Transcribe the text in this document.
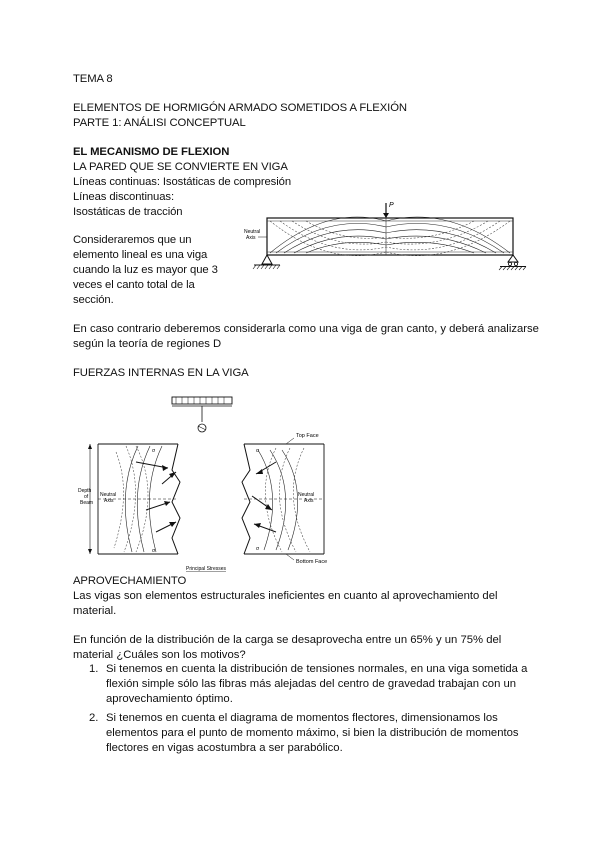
TEMA 8
ELEMENTOS DE HORMIGÓN ARMADO SOMETIDOS A FLEXIÓN
PARTE 1: ANÁLISI CONCEPTUAL
EL MECANISMO DE FLEXION
LA PARED QUE SE CONVIERTE EN VIGA
Líneas continuas: Isostáticas de compresión
Líneas discontinuas:
Isostáticas de tracción
Consideraremos que un
elemento lineal es una viga
cuando la luz es mayor que 3
veces el canto total de la
sección.
P
Neutral
Axis
En caso contrario deberemos considerarla como una viga de gran canto, y deberá analizarse según la teoría de regiones D
FUERZAS INTERNAS EN LA VIGA
Depth
of
Beam
Neutral
Axis
σ
σ
Neutral
Axis
Top Face
Bottom Face
σ
σ
Principal Stresses
APROVECHAMIENTO
Las vigas son elementos estructurales ineficientes en cuanto al aprovechamiento del material.
En función de la distribución de la carga se desaprovecha entre un 65% y un 75% del material ¿Cuáles son los motivos?
1. Si tenemos en cuenta la distribución de tensiones normales, en una viga sometida a flexión simple sólo las fibras más alejadas del centro de gravedad trabajan con un aprovechamiento óptimo.
2. Si tenemos en cuenta el diagrama de momentos flectores, dimensionamos los elementos para el punto de momento máximo, si bien la distribución de momentos flectores en vigas acostumbra a ser parabólico.
